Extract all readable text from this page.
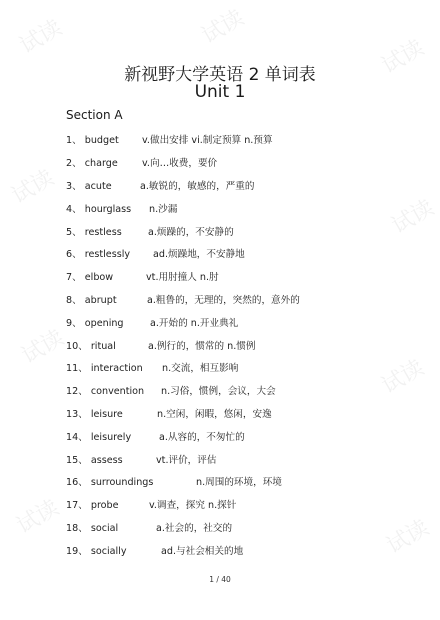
试读	试读
试读
试读
试读
试读
试读
试读	试读
新视野大学英语 2 单词表
Unit 1
Section A
1、 budget	v.做出安排 vi.制定预算 n.预算
2、 charge	v.向…收费，要价
3、 acute	a.敏锐的，敏感的，严重的
4、 hourglass	n.沙漏
5、 restless	a.烦躁的，不安静的
6、 restlessly	ad.烦躁地，不安静地
7、 elbow	vt.用肘撞人 n.肘
8、 abrupt	a.粗鲁的，无理的，突然的，意外的
9、 opening	a.开始的 n.开业典礼
10、 ritual	a.例行的，惯常的 n.惯例
11、 interaction	n.交流，相互影响
12、 convention	n.习俗，惯例，会议，大会
13、 leisure	n.空闲，闲暇，悠闲，安逸
14、 leisurely	a.从容的，不匆忙的
15、 assess	vt.评价，评估
16、 surroundings	n.周围的环境，环境
17、 probe	v.调查，探究 n.探针
18、 social	a.社会的，社交的
19、 socially	ad.与社会相关的地
1 / 40
